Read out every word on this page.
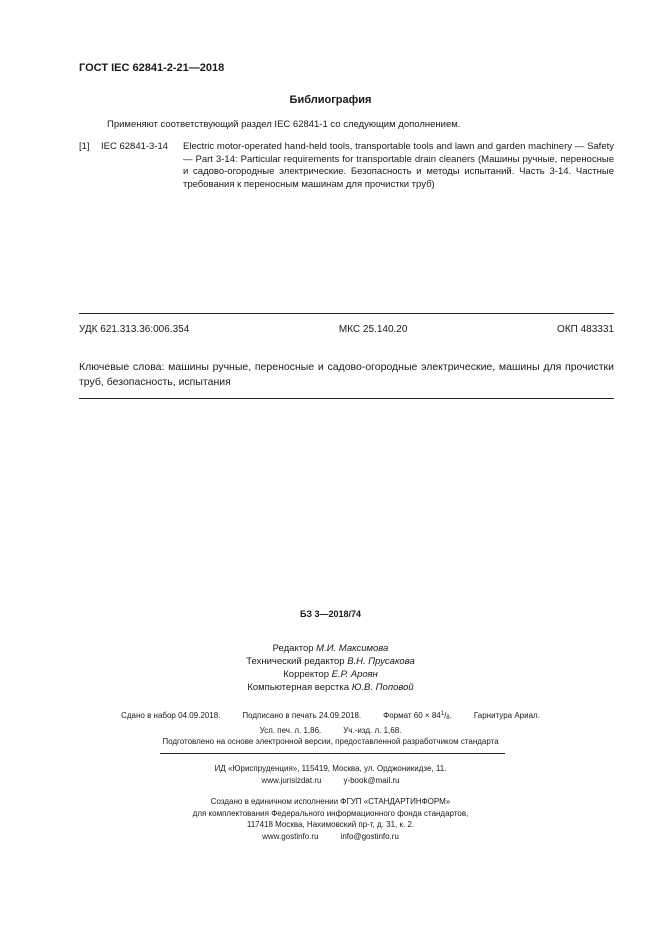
ГОСТ IEC 62841-2-21—2018
Библиография
Применяют соответствующий раздел IEC 62841-1 со следующим дополнением.
[1] IEC 62841-3-14 Electric motor-operated hand-held tools, transportable tools and lawn and garden machinery — Safety — Part 3-14: Particular requirements for transportable drain cleaners (Машины ручные, переносные и садово-огородные электрические. Безопасность и методы испытаний. Часть 3-14. Частные требования к переносным машинам для прочистки труб)
УДК 621.313.36:006.354	МКС 25.140.20	ОКП 483331
Ключевые слова: машины ручные, переносные и садово-огородные электрические, машины для прочистки труб, безопасность, испытания
БЗ 3—2018/74
Редактор М.И. Максимова
Технический редактор В.Н. Прусакова
Корректор Е.Р. Ароян
Компьютерная верстка Ю.В. Поповой
Сдано в набор 04.09.2018.	Подписано в печать 24.09.2018.	Формат $60 \times 84^1/_8$.	Гарнитура Ариал.
Усл. печ. л. 1,86.	Уч.-изд. л. 1,68.
Подготовлено на основе электронной версии, предоставленной разработчиком стандарта
ИД «Юриспруденция», 115419, Москва, ул. Орджоникидзе, 11.
www.jurisizdat.ru	y-book@mail.ru
Создано в единичном исполнении ФГУП «СТАНДАРТИНФОРМ»
для комплектования Федерального информационного фонда стандартов,
117418 Москва, Нахимовский пр-т, д. 31, к. 2.
www.gostinfo.ru	info@gostinfo.ru
